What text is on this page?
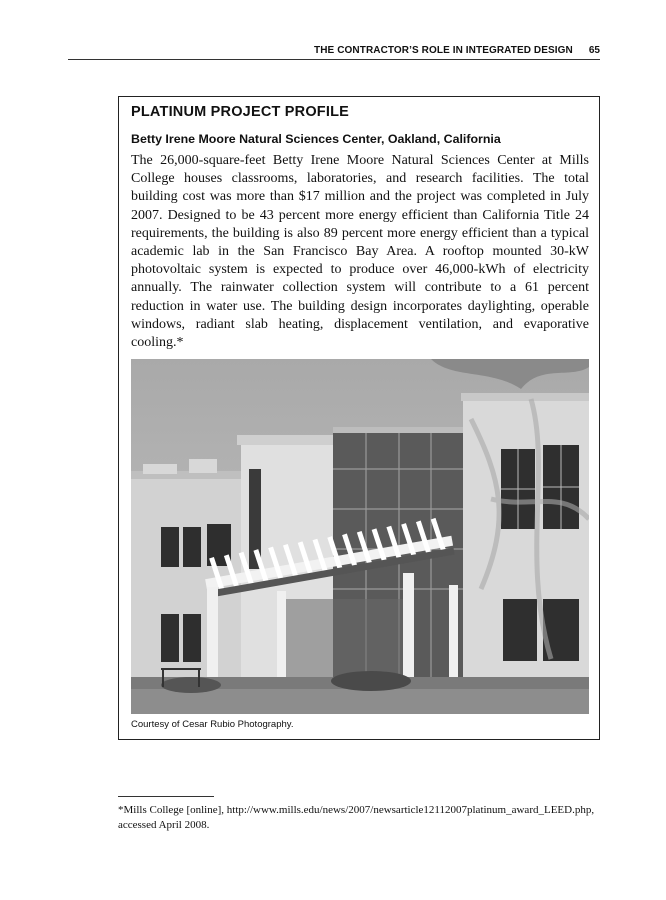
THE CONTRACTOR’S ROLE IN INTEGRATED DESIGN 65
PLATINUM PROJECT PROFILE
Betty Irene Moore Natural Sciences Center, Oakland, California

The 26,000-square-feet Betty Irene Moore Natural Sciences Center at Mills College houses classrooms, laboratories, and research facilities. The total building cost was more than $17 million and the project was completed in July 2007. Designed to be 43 percent more energy efficient than California Title 24 requirements, the building is also 89 percent more energy efficient than a typical academic lab in the San Francisco Bay Area. A rooftop mounted 30-kW photovoltaic system is expected to produce over 46,000-kWh of electricity annually. The rainwater collection system will contribute to a 61 percent reduction in water use. The building design incorporates daylighting, operable windows, radiant slab heating, displacement ventilation, and evaporative cooling.*

Courtesy of Cesar Rubio Photography.

*Mills College [online], http://www.mills.edu/news/2007/newsarticle12112007platinum_award_LEED.php, accessed April 2008.
